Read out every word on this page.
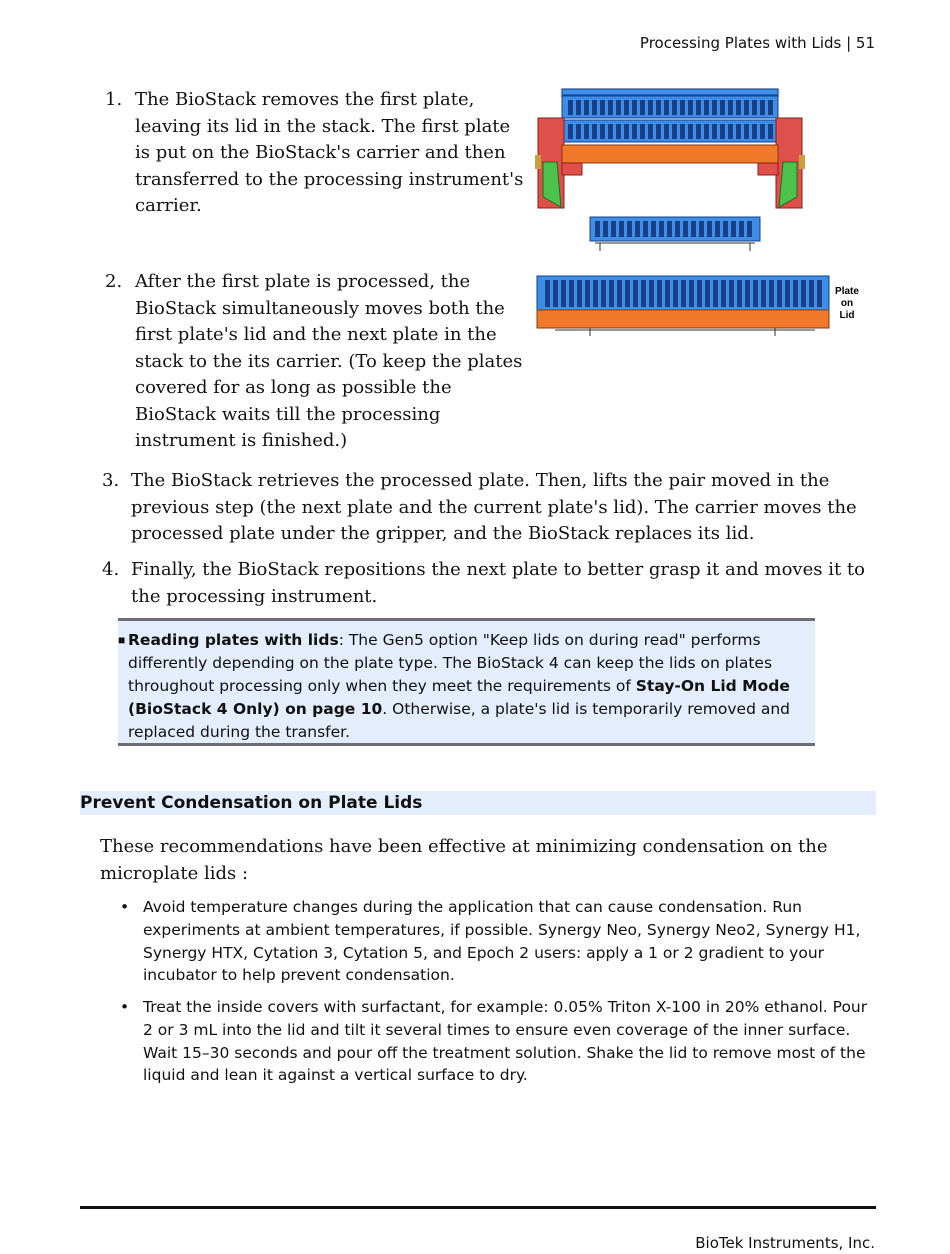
Processing Plates with Lids | 51
1. The BioStack removes the first plate, leaving its lid in the stack. The first plate is put on the BioStack's carrier and then transferred to the processing instrument's carrier.
2. After the first plate is processed, the BioStack simultaneously moves both the first plate's lid and the next plate in the stack to the its carrier. (To keep the plates covered for as long as possible the BioStack waits till the processing instrument is finished.)
Plate
on
Lid
3. The BioStack retrieves the processed plate. Then, lifts the pair moved in the previous step (the next plate and the current plate's lid). The carrier moves the processed plate under the gripper, and the BioStack replaces its lid.
4. Finally, the BioStack repositions the next plate to better grasp it and moves it to the processing instrument.
■ Reading plates with lids: The Gen5 option "Keep lids on during read" performs differently depending on the plate type. The BioStack 4 can keep the lids on plates throughout processing only when they meet the requirements of Stay-On Lid Mode (BioStack 4 Only) on page 10. Otherwise, a plate's lid is temporarily removed and replaced during the transfer.
Prevent Condensation on Plate Lids
These recommendations have been effective at minimizing condensation on the microplate lids :
• Avoid temperature changes during the application that can cause condensation. Run experiments at ambient temperatures, if possible. Synergy Neo, Synergy Neo2, Synergy H1, Synergy HTX, Cytation 3, Cytation 5, and Epoch 2 users: apply a 1 or 2 gradient to your incubator to help prevent condensation.
• Treat the inside covers with surfactant, for example: 0.05% Triton X-100 in 20% ethanol. Pour 2 or 3 mL into the lid and tilt it several times to ensure even coverage of the inner surface. Wait 15–30 seconds and pour off the treatment solution. Shake the lid to remove most of the liquid and lean it against a vertical surface to dry.
BioTek Instruments, Inc.
